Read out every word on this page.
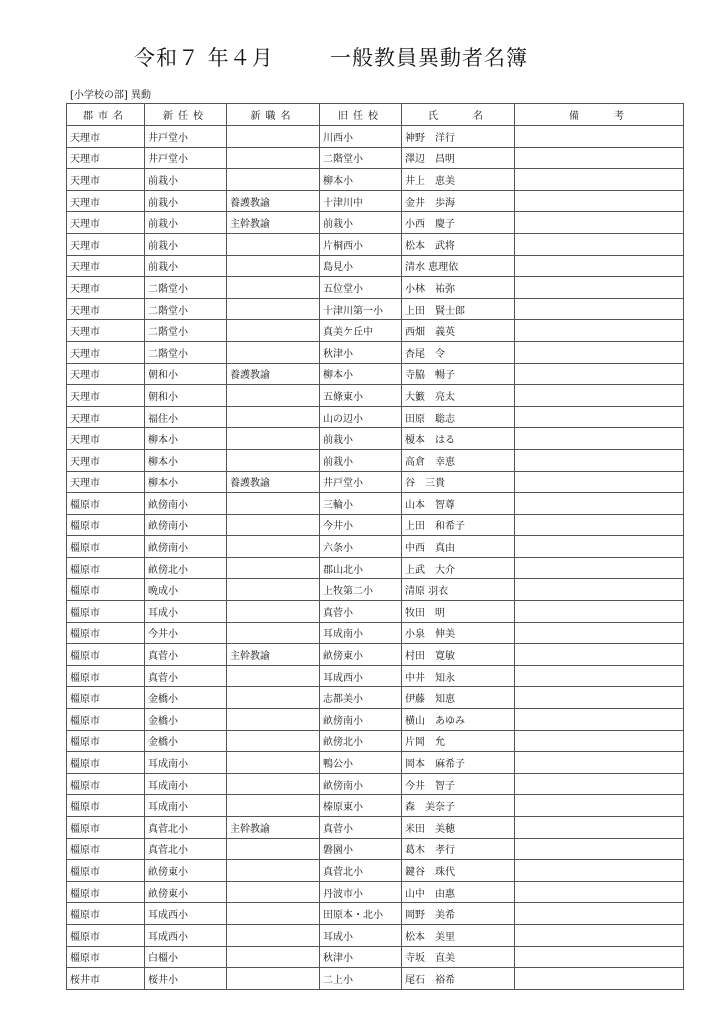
令和７ 年４月	一般教員異動者名簿
[小学校の部] 異動
郡市名	新任校	新職名	旧任校	氏　　名	備　　考
天理市	井戸堂小		川西小	神野　洋行	
天理市	井戸堂小		二階堂小	澤辺　昌明	
天理市	前栽小		柳本小	井上　恵美	
天理市	前栽小	養護教諭	十津川中	金井　歩海	
天理市	前栽小	主幹教諭	前栽小	小西　慶子	
天理市	前栽小		片桐西小	松本　武将	
天理市	前栽小		島見小	清水 恵理依	
天理市	二階堂小		五位堂小	小林　祐弥	
天理市	二階堂小		十津川第一小	上田　賢士郎	
天理市	二階堂小		真美ケ丘中	西畑　義英	
天理市	二階堂小		秋津小	杏尾　令	
天理市	朝和小	養護教諭	柳本小	寺脇　暢子	
天理市	朝和小		五條東小	大籔　亮太	
天理市	福住小		山の辺小	田原　聡志	
天理市	柳本小		前栽小	榎本　はる	
天理市	柳本小		前栽小	高倉　幸恵	
天理市	柳本小	養護教諭	井戸堂小	谷　三貴	
橿原市	畝傍南小		三輪小	山本　智尊	
橿原市	畝傍南小		今井小	上田　和希子	
橿原市	畝傍南小		六条小	中西　真由	
橿原市	畝傍北小		郡山北小	上武　大介	
橿原市	晩成小		上牧第二小	清原 羽衣	
橿原市	耳成小		真菅小	牧田　明	
橿原市	今井小		耳成南小	小泉　伸美	
橿原市	真菅小	主幹教諭	畝傍東小	村田　寛敏	
橿原市	真菅小		耳成西小	中井　知永	
橿原市	金橋小		志都美小	伊藤　知恵	
橿原市	金橋小		畝傍南小	横山　あゆみ	
橿原市	金橋小		畝傍北小	片岡　允	
橿原市	耳成南小		鴨公小	岡本　麻希子	
橿原市	耳成南小		畝傍南小	今井　智子	
橿原市	耳成南小		榛原東小	森　美奈子	
橿原市	真菅北小	主幹教諭	真菅小	米田　美穂	
橿原市	真菅北小		磐園小	葛木　孝行	
橿原市	畝傍東小		真菅北小	鍵谷　珠代	
橿原市	畝傍東小		丹波市小	山中　由惠	
橿原市	耳成西小		田原本・北小	岡野　美希	
橿原市	耳成西小		耳成小	松本　美里	
橿原市	白橿小		秋津小	寺坂　直美	
桜井市	桜井小		二上小	尾石　裕希	
